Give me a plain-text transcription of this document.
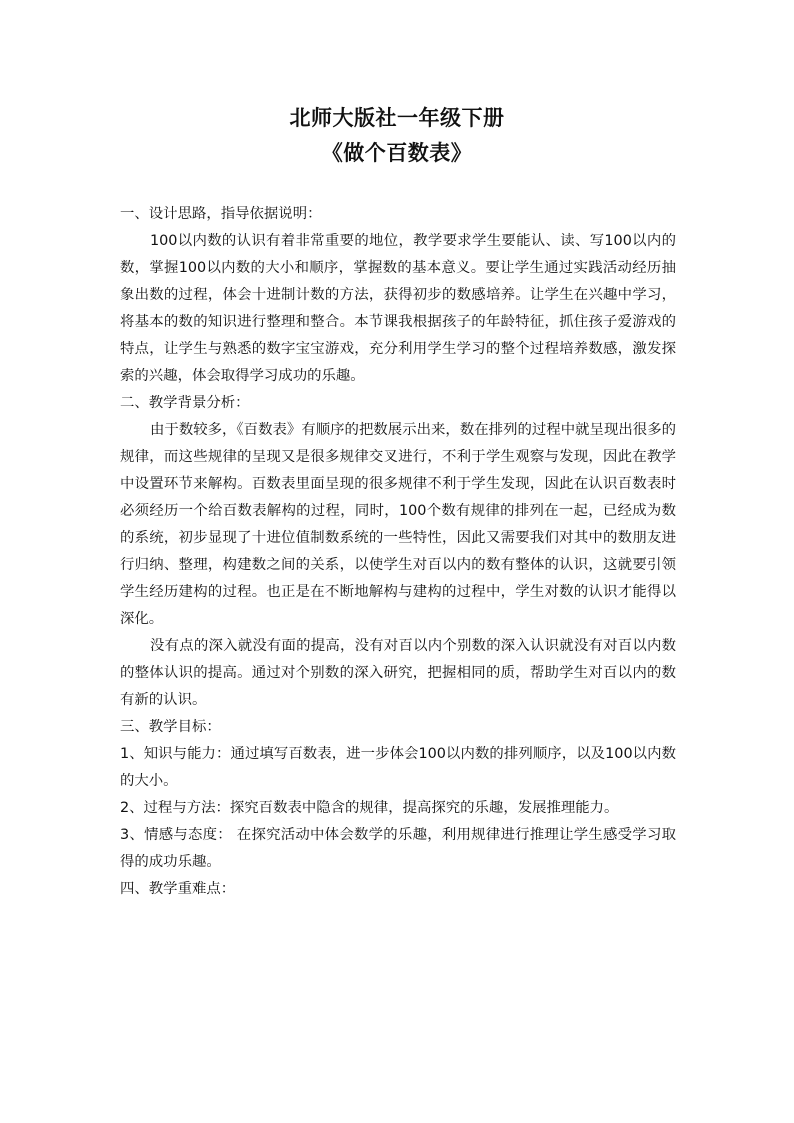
北师大版社一年级下册
《做个百数表》

一、设计思路，指导依据说明：

100以内数的认识有着非常重要的地位，教学要求学生要能认、读、写100以内的数，掌握100以内数的大小和顺序，掌握数的基本意义。要让学生通过实践活动经历抽象出数的过程，体会十进制计数的方法，获得初步的数感培养。让学生在兴趣中学习，将基本的数的知识进行整理和整合。本节课我根据孩子的年龄特征，抓住孩子爱游戏的特点，让学生与熟悉的数字宝宝游戏，充分利用学生学习的整个过程培养数感，激发探索的兴趣，体会取得学习成功的乐趣。

二、教学背景分析：

由于数较多，《百数表》有顺序的把数展示出来，数在排列的过程中就呈现出很多的规律，而这些规律的呈现又是很多规律交叉进行，不利于学生观察与发现，因此在教学中设置环节来解构。百数表里面呈现的很多规律不利于学生发现，因此在认识百数表时必须经历一个给百数表解构的过程，同时，100个数有规律的排列在一起，已经成为数的系统，初步显现了十进位值制数系统的一些特性，因此又需要我们对其中的数朋友进行归纳、整理，构建数之间的关系，以使学生对百以内的数有整体的认识，这就要引领学生经历建构的过程。也正是在不断地解构与建构的过程中，学生对数的认识才能得以深化。

没有点的深入就没有面的提高，没有对百以内个别数的深入认识就没有对百以内数的整体认识的提高。通过对个别数的深入研究，把握相同的质，帮助学生对百以内的数有新的认识。

三、教学目标：

1、知识与能力：通过填写百数表，进一步体会100以内数的排列顺序，以及100以内数的大小。

2、过程与方法：探究百数表中隐含的规律，提高探究的乐趣，发展推理能力。

3、情感与态度： 在探究活动中体会数学的乐趣，利用规律进行推理让学生感受学习取得的成功乐趣。

四、教学重难点：
